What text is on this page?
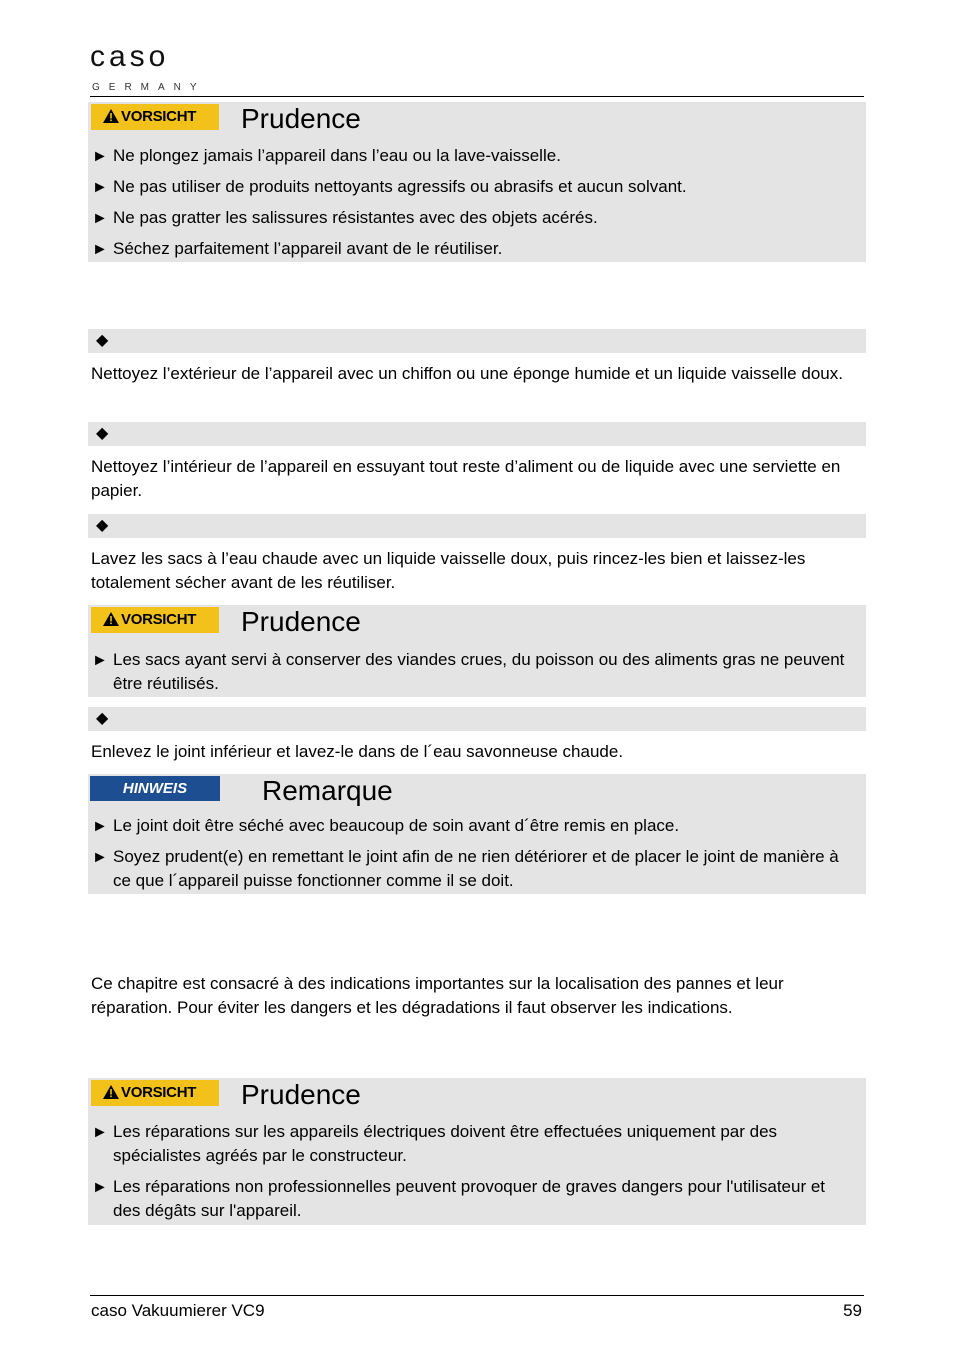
caso
GERMANY
VORSICHT	Prudence
► Ne plongez jamais l’appareil dans l’eau ou la lave-vaisselle.
► Ne pas utiliser de produits nettoyants agressifs ou abrasifs et aucun solvant.
► Ne pas gratter les salissures résistantes avec des objets acérés.
► Séchez parfaitement l’appareil avant de le réutiliser.
◆
Nettoyez l’extérieur de l’appareil avec un chiffon ou une éponge humide et un liquide vaisselle doux.
◆
Nettoyez l’intérieur de l’appareil en essuyant tout reste d’aliment ou de liquide avec une serviette en papier.
◆
Lavez les sacs à l’eau chaude avec un liquide vaisselle doux, puis rincez-les bien et laissez-les totalement sécher avant de les réutiliser.
VORSICHT	Prudence
► Les sacs ayant servi à conserver des viandes crues, du poisson ou des aliments gras ne peuvent être réutilisés.
◆
Enlevez le joint inférieur et lavez-le dans de l´eau savonneuse chaude.
HINWEIS	Remarque
► Le joint doit être séché avec beaucoup de soin avant d´être remis en place.
► Soyez prudent(e) en remettant le joint afin de ne rien détériorer et de placer le joint de manière à ce que l´appareil puisse fonctionner comme il se doit.
Ce chapitre est consacré à des indications importantes sur la localisation des pannes et leur réparation. Pour éviter les dangers et les dégradations il faut observer les indications.
VORSICHT	Prudence
► Les réparations sur les appareils électriques doivent être effectuées uniquement par des spécialistes agréés par le constructeur.
► Les réparations non professionnelles peuvent provoquer de graves dangers pour l'utilisateur et des dégâts sur l'appareil.
caso Vakuumierer VC9	59
